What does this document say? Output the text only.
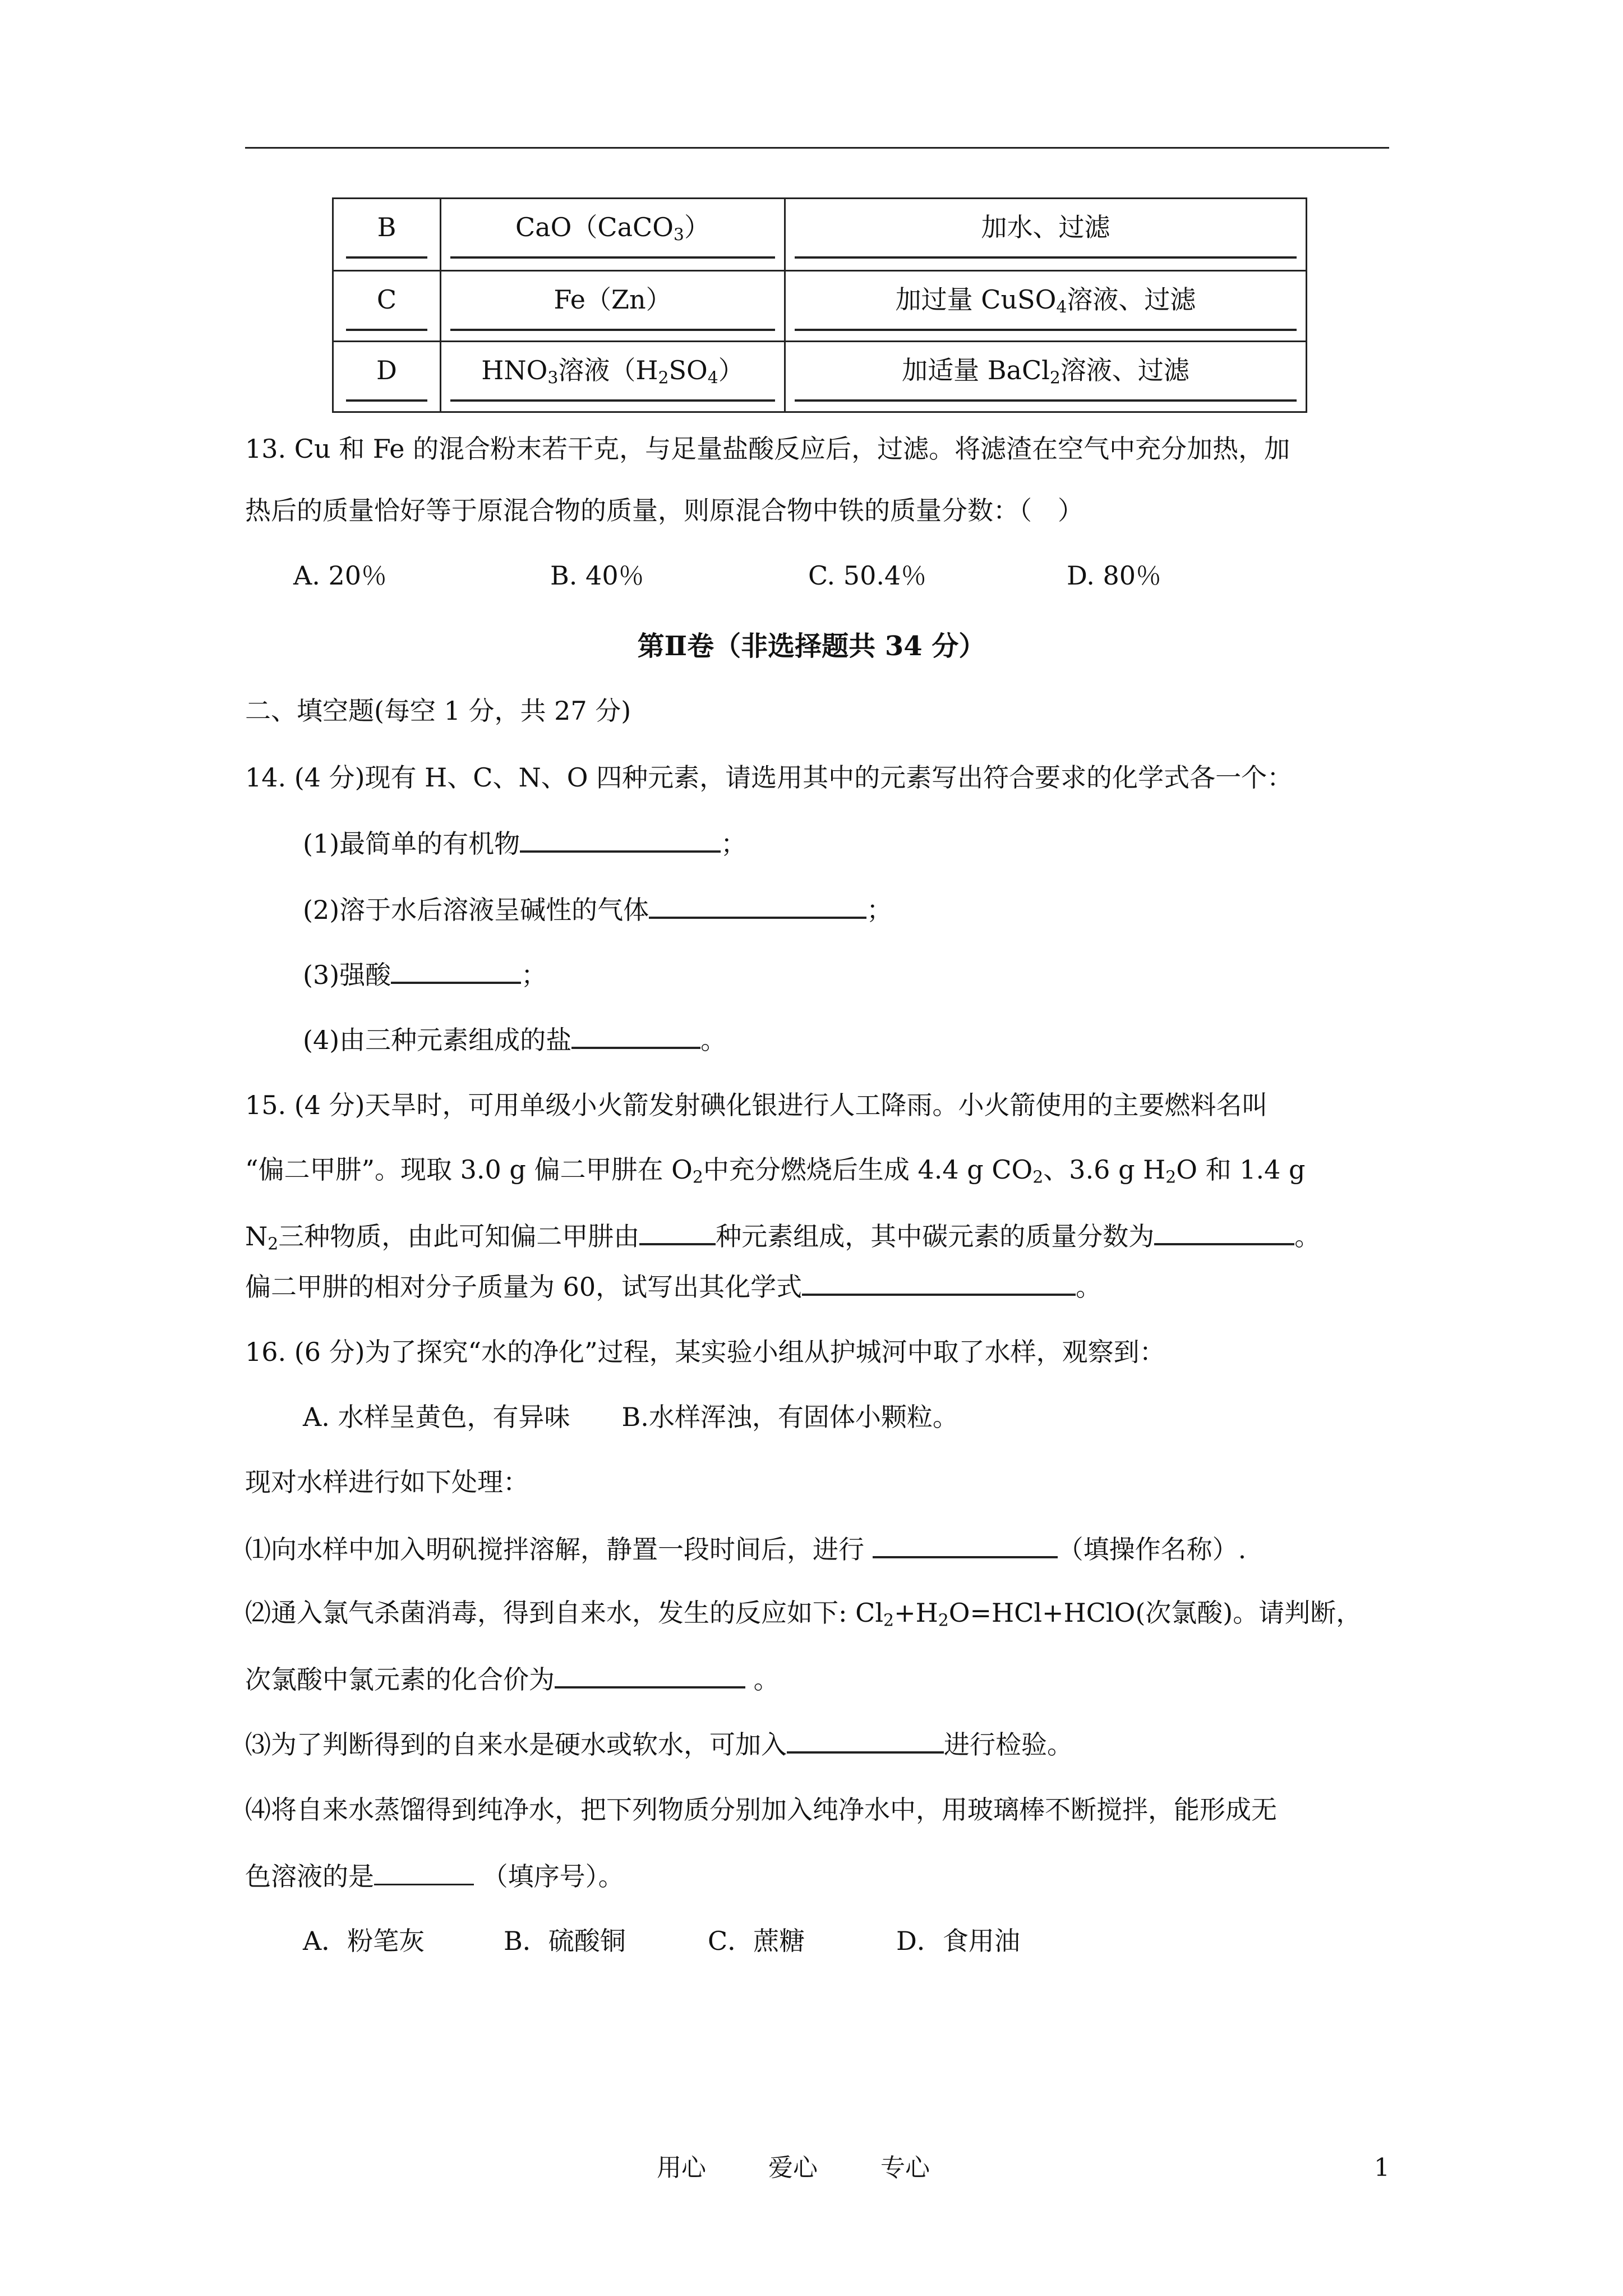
B	CaO（CaCO$_3$）	加水、过滤
C	Fe（Zn）	加过量 CuSO$_4$溶液、过滤
D	$HNO_3$溶液$(H_2SO_4)$	加适量 BaCl$_2$溶液、过滤
13. Cu 和 Fe 的混合粉末若干克，与足量盐酸反应后，过滤。将滤渣在空气中充分加热，加
热后的质量恰好等于原混合物的质量，则原混合物中铁的质量分数：（　）
A. 20％	B. 40％	C. 50.4％	D. 80％
第Ⅱ卷（非选择题共 34 分）
二、填空题(每空 1 分，共 27 分)
14. (4 分)现有 H、C、N、O 四种元素，请选用其中的元素写出符合要求的化学式各一个：
(1)最简单的有机物	；
(2)溶于水后溶液呈碱性的气体	；
(3)强酸	；
(4)由三种元素组成的盐	。
15. (4 分)天旱时，可用单级小火箭发射碘化银进行人工降雨。小火箭使用的主要燃料名叫
“偏二甲肼”。现取 3.0 g 偏二甲肼在 $O_2$中充分燃烧后生成 4.4 g $CO_2$、3.6 g $H_2O$ 和 1.4 g
$N_2$三种物质，由此可知偏二甲肼由	种元素组成，其中碳元素的质量分数为	。
偏二甲肼的相对分子质量为 60，试写出其化学式	。
16. (6 分)为了探究“水的净化”过程，某实验小组从护城河中取了水样，观察到：
A. 水样呈黄色，有异味　　B.水样浑浊，有固体小颗粒。
现对水样进行如下处理：
⑴向水样中加入明矾搅拌溶解，静置一段时间后，进行	（填操作名称）.
⑵通入氯气杀菌消毒，得到自来水，发生的反应如下: $Cl_2+H_2O=HCl+HClO$(次氯酸)。请判断，
次氯酸中氯元素的化合价为	。
⑶为了判断得到的自来水是硬水或软水，可加入	进行检验。
⑷将自来水蒸馏得到纯净水，把下列物质分别加入纯净水中，用玻璃棒不断搅拌，能形成无
色溶液的是	（填序号）。
A．粉笔灰	B．硫酸铜	C．蔗糖	D．食用油
用心	爱心	专心	1
